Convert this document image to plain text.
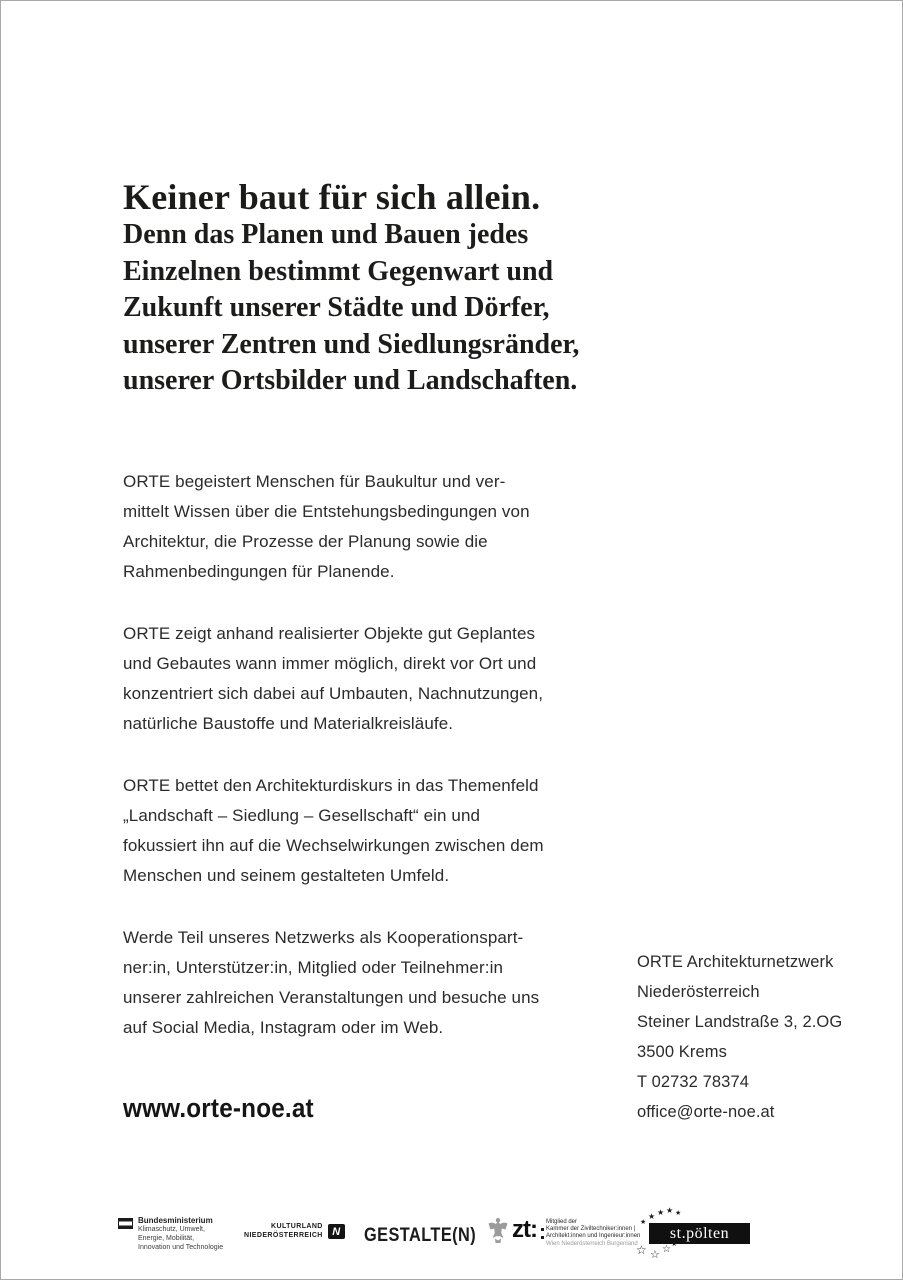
Keiner baut für sich allein.
Denn das Planen und Bauen jedes
Einzelnen bestimmt Gegenwart und
Zukunft unserer Städte und Dörfer,
unserer Zentren und Siedlungsränder,
unserer Ortsbilder und Landschaften.
ORTE begeistert Menschen für Baukultur und ver-
mittelt Wissen über die Entstehungsbedingungen von
Architektur, die Prozesse der Planung sowie die
Rahmenbedingungen für Planende.
ORTE zeigt anhand realisierter Objekte gut Geplantes
und Gebautes wann immer möglich, direkt vor Ort und
konzentriert sich dabei auf Umbauten, Nachnutzungen,
natürliche Baustoffe und Materialkreisläufe.
ORTE bettet den Architekturdiskurs in das Themenfeld
„Landschaft – Siedlung – Gesellschaft“ ein und
fokussiert ihn auf die Wechselwirkungen zwischen dem
Menschen und seinem gestalteten Umfeld.
Werde Teil unseres Netzwerks als Kooperationspart-
ner:in, Unterstützer:in, Mitglied oder Teilnehmer:in
unserer zahlreichen Veranstaltungen und besuche uns
auf Social Media, Instagram oder im Web.
ORTE Architekturnetzwerk
Niederösterreich
Steiner Landstraße 3, 2.OG
3500 Krems
T 02732 78374
office@orte-noe.at
www.orte-noe.at
Bundesministerium
Klimaschutz, Umwelt,
Energie, Mobilität,
Innovation und Technologie
KULTURLAND
NIEDERÖSTERREICH N GESTALTE(N) zt: Mitglied der
Kammer der Ziviltechniker:innen |
Architekt:innen und Ingenieur:innen
Wien Niederösterreich Burgenland
★
★ ★ ★ ★
st.pölten
☆ ☆ ☆ ★
